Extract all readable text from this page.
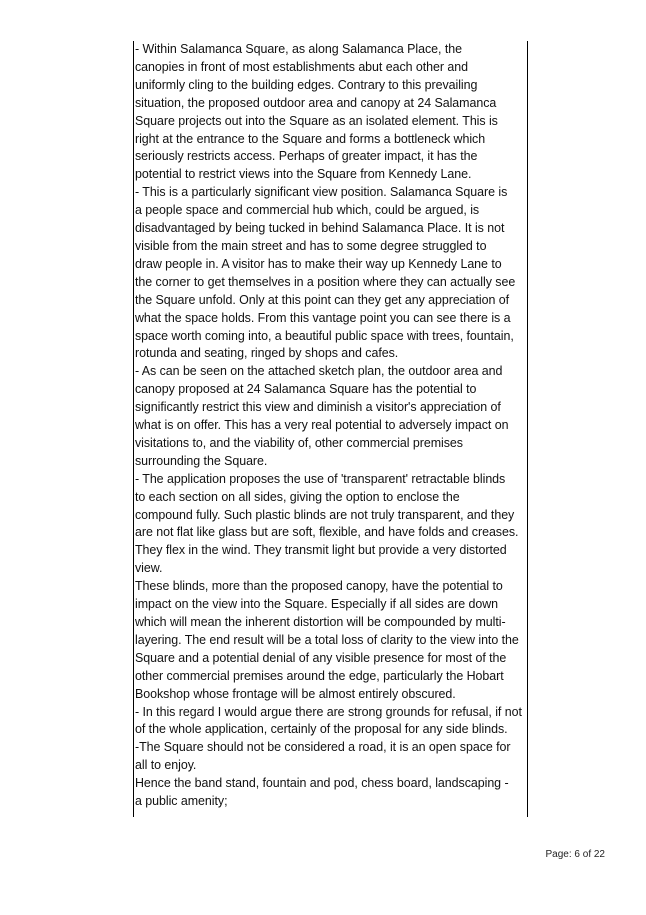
- Within Salamanca Square, as along Salamanca Place, the
canopies in front of most establishments abut each other and
uniformly cling to the building edges. Contrary to this prevailing
situation, the proposed outdoor area and canopy at 24 Salamanca
Square projects out into the Square as an isolated element. This is
right at the entrance to the Square and forms a bottleneck which
seriously restricts access. Perhaps of greater impact, it has the
potential to restrict views into the Square from Kennedy Lane.

- This is a particularly significant view position. Salamanca Square is
a people space and commercial hub which, could be argued, is
disadvantaged by being tucked in behind Salamanca Place. It is not
visible from the main street and has to some degree struggled to
draw people in. A visitor has to make their way up Kennedy Lane to
the corner to get themselves in a position where they can actually see
the Square unfold. Only at this point can they get any appreciation of
what the space holds. From this vantage point you can see there is a
space worth coming into, a beautiful public space with trees, fountain,
rotunda and seating, ringed by shops and cafes.

- As can be seen on the attached sketch plan, the outdoor area and
canopy proposed at 24 Salamanca Square has the potential to
significantly restrict this view and diminish a visitor's appreciation of
what is on offer. This has a very real potential to adversely impact on
visitations to, and the viability of, other commercial premises
surrounding the Square.

- The application proposes the use of 'transparent' retractable blinds
to each section on all sides, giving the option to enclose the
compound fully. Such plastic blinds are not truly transparent, and they
are not flat like glass but are soft, flexible, and have folds and creases.
They flex in the wind. They transmit light but provide a very distorted
view.

These blinds, more than the proposed canopy, have the potential to
impact on the view into the Square. Especially if all sides are down
which will mean the inherent distortion will be compounded by multi-
layering. The end result will be a total loss of clarity to the view into the
Square and a potential denial of any visible presence for most of the
other commercial premises around the edge, particularly the Hobart
Bookshop whose frontage will be almost entirely obscured.

- In this regard I would argue there are strong grounds for refusal, if not
of the whole application, certainly of the proposal for any side blinds.

-The Square should not be considered a road, it is an open space for
all to enjoy.

Hence the band stand, fountain and pod, chess board, landscaping -
a public amenity;

Page: 6 of 22
